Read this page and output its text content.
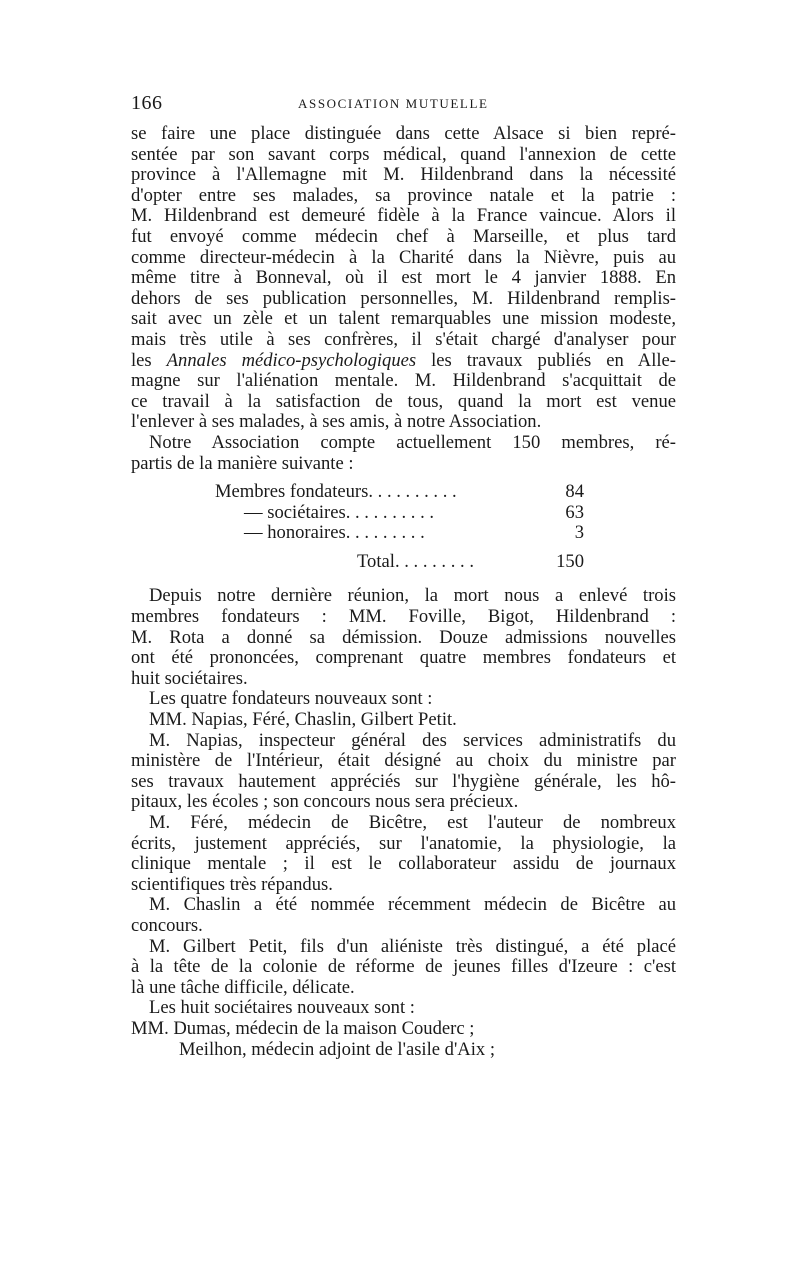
166	ASSOCIATION MUTUELLE
se faire une place distinguée dans cette Alsace si bien repré-
sentée par son savant corps médical, quand l'annexion de cette
province à l'Allemagne mit M. Hildenbrand dans la nécessité
d'opter entre ses malades, sa province natale et la patrie :
M. Hildenbrand est demeuré fidèle à la France vaincue. Alors il
fut envoyé comme médecin chef à Marseille, et plus tard
comme directeur-médecin à la Charité dans la Nièvre, puis au
même titre à Bonneval, où il est mort le 4 janvier 1888. En
dehors de ses publication personnelles, M. Hildenbrand remplis-
sait avec un zèle et un talent remarquables une mission modeste,
mais très utile à ses confrères, il s'était chargé d'analyser pour
les Annales médico-psychologiques les travaux publiés en Alle-
magne sur l'aliénation mentale. M. Hildenbrand s'acquittait de
ce travail à la satisfaction de tous, quand la mort est venue
l'enlever à ses malades, à ses amis, à notre Association.
Notre Association compte actuellement 150 membres, ré-
partis de la manière suivante :
Membres fondateurs. . . . . . . . . .	84
— sociétaires. . . . . . . . . .	63
— honoraires. . . . . . . . .	3
Total. . . . . . . . .	150
Depuis notre dernière réunion, la mort nous a enlevé trois
membres fondateurs : MM. Foville, Bigot, Hildenbrand :
M. Rota a donné sa démission. Douze admissions nouvelles
ont été prononcées, comprenant quatre membres fondateurs et
huit sociétaires.
Les quatre fondateurs nouveaux sont :
MM. Napias, Féré, Chaslin, Gilbert Petit.
M. Napias, inspecteur général des services administratifs du
ministère de l'Intérieur, était désigné au choix du ministre par
ses travaux hautement appréciés sur l'hygiène générale, les hô-
pitaux, les écoles ; son concours nous sera précieux.
M. Féré, médecin de Bicêtre, est l'auteur de nombreux
écrits, justement appréciés, sur l'anatomie, la physiologie, la
clinique mentale ; il est le collaborateur assidu de journaux
scientifiques très répandus.
M. Chaslin a été nommée récemment médecin de Bicêtre au
concours.
M. Gilbert Petit, fils d'un aliéniste très distingué, a été placé
à la tête de la colonie de réforme de jeunes filles d'Izeure : c'est
là une tâche difficile, délicate.
Les huit sociétaires nouveaux sont :
MM. Dumas, médecin de la maison Couderc ;
Meilhon, médecin adjoint de l'asile d'Aix ;
